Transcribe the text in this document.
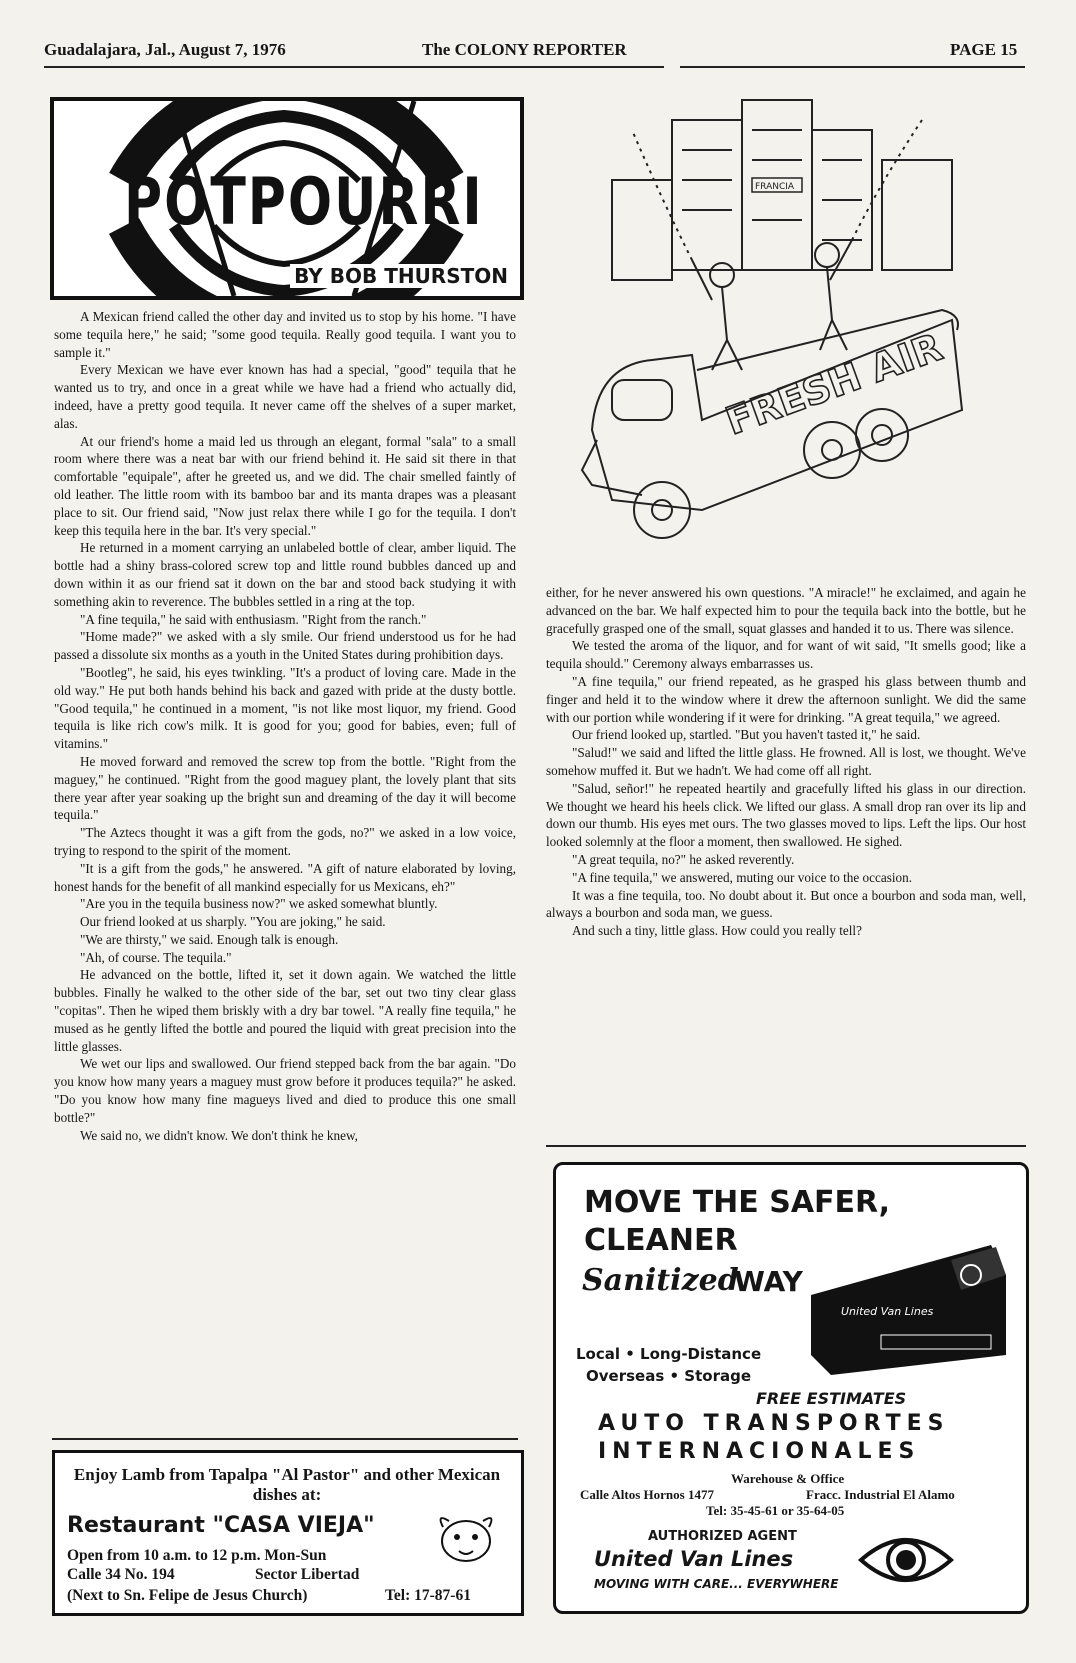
Guadalajara, Jal., August 7, 1976	The COLONY REPORTER	PAGE 15
POTPOURRI
BY BOB THURSTON
FRESH AIR
FRANCIA

A Mexican friend called the other day and invited us to stop by his home. "I have some tequila here," he said; "some good tequila. Really good tequila. I want you to sample it."

Every Mexican we have ever known has had a special, "good" tequila that he wanted us to try, and once in a great while we have had a friend who actually did, indeed, have a pretty good tequila. It never came off the shelves of a super market, alas.

At our friend's home a maid led us through an elegant, formal "sala" to a small room where there was a neat bar with our friend behind it. He said sit there in that comfortable "equipale", after he greeted us, and we did. The chair smelled faintly of old leather. The little room with its bamboo bar and its manta drapes was a pleasant place to sit. Our friend said, "Now just relax there while I go for the tequila. I don't keep this tequila here in the bar. It's very special."

He returned in a moment carrying an unlabeled bottle of clear, amber liquid. The bottle had a shiny brass-colored screw top and little round bubbles danced up and down within it as our friend sat it down on the bar and stood back studying it with something akin to reverence. The bubbles settled in a ring at the top.

"A fine tequila," he said with enthusiasm. "Right from the ranch."

"Home made?" we asked with a sly smile. Our friend understood us for he had passed a dissolute six months as a youth in the United States during prohibition days.

"Bootleg", he said, his eyes twinkling. "It's a product of loving care. Made in the old way." He put both hands behind his back and gazed with pride at the dusty bottle. "Good tequila," he continued in a moment, "is not like most liquor, my friend. Good tequila is like rich cow's milk. It is good for you; good for babies, even; full of vitamins."

He moved forward and removed the screw top from the bottle. "Right from the maguey," he continued. "Right from the good maguey plant, the lovely plant that sits there year after year soaking up the bright sun and dreaming of the day it will become tequila."

"The Aztecs thought it was a gift from the gods, no?" we asked in a low voice, trying to respond to the spirit of the moment.

"It is a gift from the gods," he answered. "A gift of nature elaborated by loving, honest hands for the benefit of all mankind especially for us Mexicans, eh?"

"Are you in the tequila business now?" we asked somewhat bluntly.

Our friend looked at us sharply. "You are joking," he said.

"We are thirsty," we said. Enough talk is enough.

"Ah, of course. The tequila."

He advanced on the bottle, lifted it, set it down again. We watched the little bubbles. Finally he walked to the other side of the bar, set out two tiny clear glass "copitas". Then he wiped them briskly with a dry bar towel. "A really fine tequila," he mused as he gently lifted the bottle and poured the liquid with great precision into the little glasses.

We wet our lips and swallowed. Our friend stepped back from the bar again. "Do you know how many years a maguey must grow before it produces tequila?" he asked. "Do you know how many fine magueys lived and died to produce this one small bottle?"

We said no, we didn't know. We don't think he knew,

either, for he never answered his own questions. "A miracle!" he exclaimed, and again he advanced on the bar. We half expected him to pour the tequila back into the bottle, but he gracefully grasped one of the small, squat glasses and handed it to us. There was silence.

We tested the aroma of the liquor, and for want of wit said, "It smells good; like a tequila should." Ceremony always embarrasses us.

"A fine tequila," our friend repeated, as he grasped his glass between thumb and finger and held it to the window where it drew the afternoon sunlight. We did the same with our portion while wondering if it were for drinking. "A great tequila," we agreed.

Our friend looked up, startled. "But you haven't tasted it," he said.

"Salud!" we said and lifted the little glass. He frowned. All is lost, we thought. We've somehow muffed it. But we hadn't. We had come off all right.

"Salud, señor!" he repeated heartily and gracefully lifted his glass in our direction. We thought we heard his heels click. We lifted our glass. A small drop ran over its lip and down our thumb. His eyes met ours. The two glasses moved to lips. Left the lips. Our host looked solemnly at the floor a moment, then swallowed. He sighed.

"A great tequila, no?" he asked reverently.

"A fine tequila," we answered, muting our voice to the occasion.

It was a fine tequila, too. No doubt about it. But once a bourbon and soda man, well, always a bourbon and soda man, we guess.

And such a tiny, little glass. How could you really tell?

Enjoy Lamb from Tapalpa "Al Pastor" and other Mexican dishes at:
Restaurant "CASA VIEJA"
Open from 10 a.m. to 12 p.m. Mon-Sun
Calle 34 No. 194	Sector Libertad
(Next to Sn. Felipe de Jesus Church)	Tel: 17-87-61
MOVE THE SAFER,
CLEANER
Sanitized
WAY
United Van Lines
Local • Long-Distance
Overseas • Storage
FREE ESTIMATES
AUTO TRANSPORTES
INTERNACIONALES
Warehouse & Office
Calle Altos Hornos 1477	Fracc. Industrial El Alamo
Tel: 35-45-61 or 35-64-05
AUTHORIZED AGENT
United Van Lines
MOVING WITH CARE... EVERYWHERE
